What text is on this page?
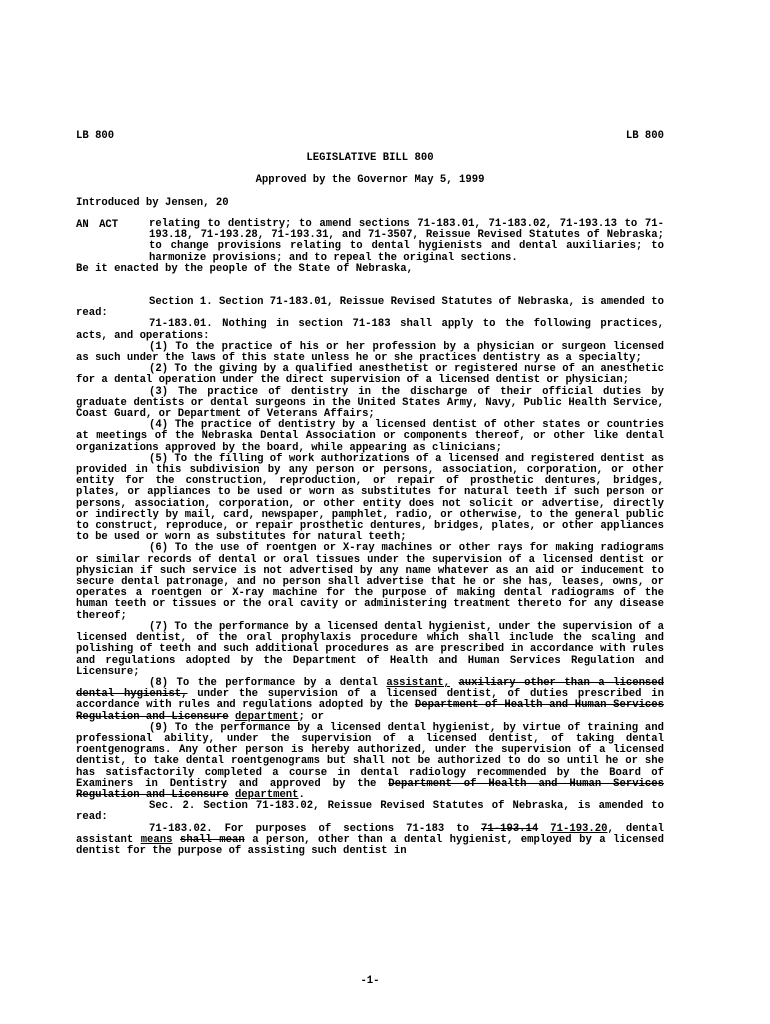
LB 800	LB 800
LEGISLATIVE BILL 800
Approved by the Governor May 5, 1999
Introduced by Jensen, 20
AN ACT	relating to dentistry; to amend sections 71-183.01, 71-183.02, 71-193.13 to 71-193.18, 71-193.28, 71-193.31, and 71-3507, Reissue Revised Statutes of Nebraska; to change provisions relating to dental hygienists and dental auxiliaries; to harmonize provisions; and to repeal the original sections.
Be it enacted by the people of the State of Nebraska,

Section 1. Section 71-183.01, Reissue Revised Statutes of Nebraska, is amended to read:

71-183.01. Nothing in section 71-183 shall apply to the following practices, acts, and operations:

(1) To the practice of his or her profession by a physician or surgeon licensed as such under the laws of this state unless he or she practices dentistry as a specialty;

(2) To the giving by a qualified anesthetist or registered nurse of an anesthetic for a dental operation under the direct supervision of a licensed dentist or physician;

(3) The practice of dentistry in the discharge of their official duties by graduate dentists or dental surgeons in the United States Army, Navy, Public Health Service, Coast Guard, or Department of Veterans Affairs;

(4) The practice of dentistry by a licensed dentist of other states or countries at meetings of the Nebraska Dental Association or components thereof, or other like dental organizations approved by the board, while appearing as clinicians;

(5) To the filling of work authorizations of a licensed and registered dentist as provided in this subdivision by any person or persons, association, corporation, or other entity for the construction, reproduction, or repair of prosthetic dentures, bridges, plates, or appliances to be used or worn as substitutes for natural teeth if such person or persons, association, corporation, or other entity does not solicit or advertise, directly or indirectly by mail, card, newspaper, pamphlet, radio, or otherwise, to the general public to construct, reproduce, or repair prosthetic dentures, bridges, plates, or other appliances to be used or worn as substitutes for natural teeth;

(6) To the use of roentgen or X-ray machines or other rays for making radiograms or similar records of dental or oral tissues under the supervision of a licensed dentist or physician if such service is not advertised by any name whatever as an aid or inducement to secure dental patronage, and no person shall advertise that he or she has, leases, owns, or operates a roentgen or X-ray machine for the purpose of making dental radiograms of the human teeth or tissues or the oral cavity or administering treatment thereto for any disease thereof;

(7) To the performance by a licensed dental hygienist, under the supervision of a licensed dentist, of the oral prophylaxis procedure which shall include the scaling and polishing of teeth and such additional procedures as are prescribed in accordance with rules and regulations adopted by the Department of Health and Human Services Regulation and Licensure;

(8) To the performance by a dental assistant, auxiliary other than a licensed dental hygienist, under the supervision of a licensed dentist, of duties prescribed in accordance with rules and regulations adopted by the Department of Health and Human Services Regulation and Licensure department; or

(9) To the performance by a licensed dental hygienist, by virtue of training and professional ability, under the supervision of a licensed dentist, of taking dental roentgenograms. Any other person is hereby authorized, under the supervision of a licensed dentist, to take dental roentgenograms but shall not be authorized to do so until he or she has satisfactorily completed a course in dental radiology recommended by the Board of Examiners in Dentistry and approved by the Department of Health and Human Services Regulation and Licensure department.

Sec. 2. Section 71-183.02, Reissue Revised Statutes of Nebraska, is amended to read:

71-183.02. For purposes of sections 71-183 to 71-193.14 71-193.20, dental assistant means shall mean a person, other than a dental hygienist, employed by a licensed dentist for the purpose of assisting such dentist in

-1-
